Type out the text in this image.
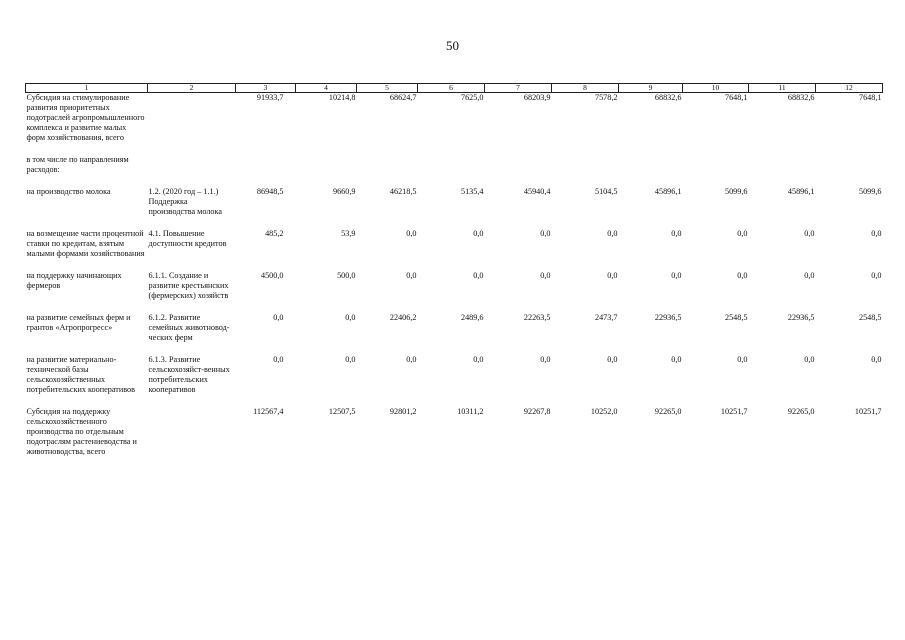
50
1	2	3	4	5	6	7	8	9	10	11	12
Субсидия на стимулирование развития приоритетных подотраслей агропромышленного комплекса и развитие малых форм хозяйствования, всего		91933,7	10214,8	68624,7	7625,0	68203,9	7578,2	68832,6	7648,1	68832,6	7648,1

в том числе по направлениям расходов:											

на производство молока	1.2. (2020 год – 1.1.) Поддержка производства молока	86948,5	9660,9	46218,5	5135,4	45940,4	5104,5	45896,1	5099,6	45896,1	5099,6

на возмещение части процентной ставки по кредитам, взятым малыми формами хозяйствования	4.1. Повышение доступности кредитов	485,2	53,9	0,0	0,0	0,0	0,0	0,0	0,0	0,0	0,0

на поддержку начинающих фермеров	6.1.1. Создание и развитие крестьянских (фермерских) хозяйств	4500,0	500,0	0,0	0,0	0,0	0,0	0,0	0,0	0,0	0,0

на развитие семейных ферм и грантов «Агропрогресс»	6.1.2. Развитие семейных животновод-ческих ферм	0,0	0,0	22406,2	2489,6	22263,5	2473,7	22936,5	2548,5	22936,5	2548,5

на развитие материально-технической базы сельскохозяйственных потребительских кооперативов	6.1.3. Развитие сельскохозяйст-венных потребительских кооперативов	0,0	0,0	0,0	0,0	0,0	0,0	0,0	0,0	0,0	0,0

Субсидия на поддержку сельскохозяйственного производства по отдельным подотраслям растениеводства и животноводства, всего		112567,4	12507,5	92801,2	10311,2	92267,8	10252,0	92265,0	10251,7	92265,0	10251,7
